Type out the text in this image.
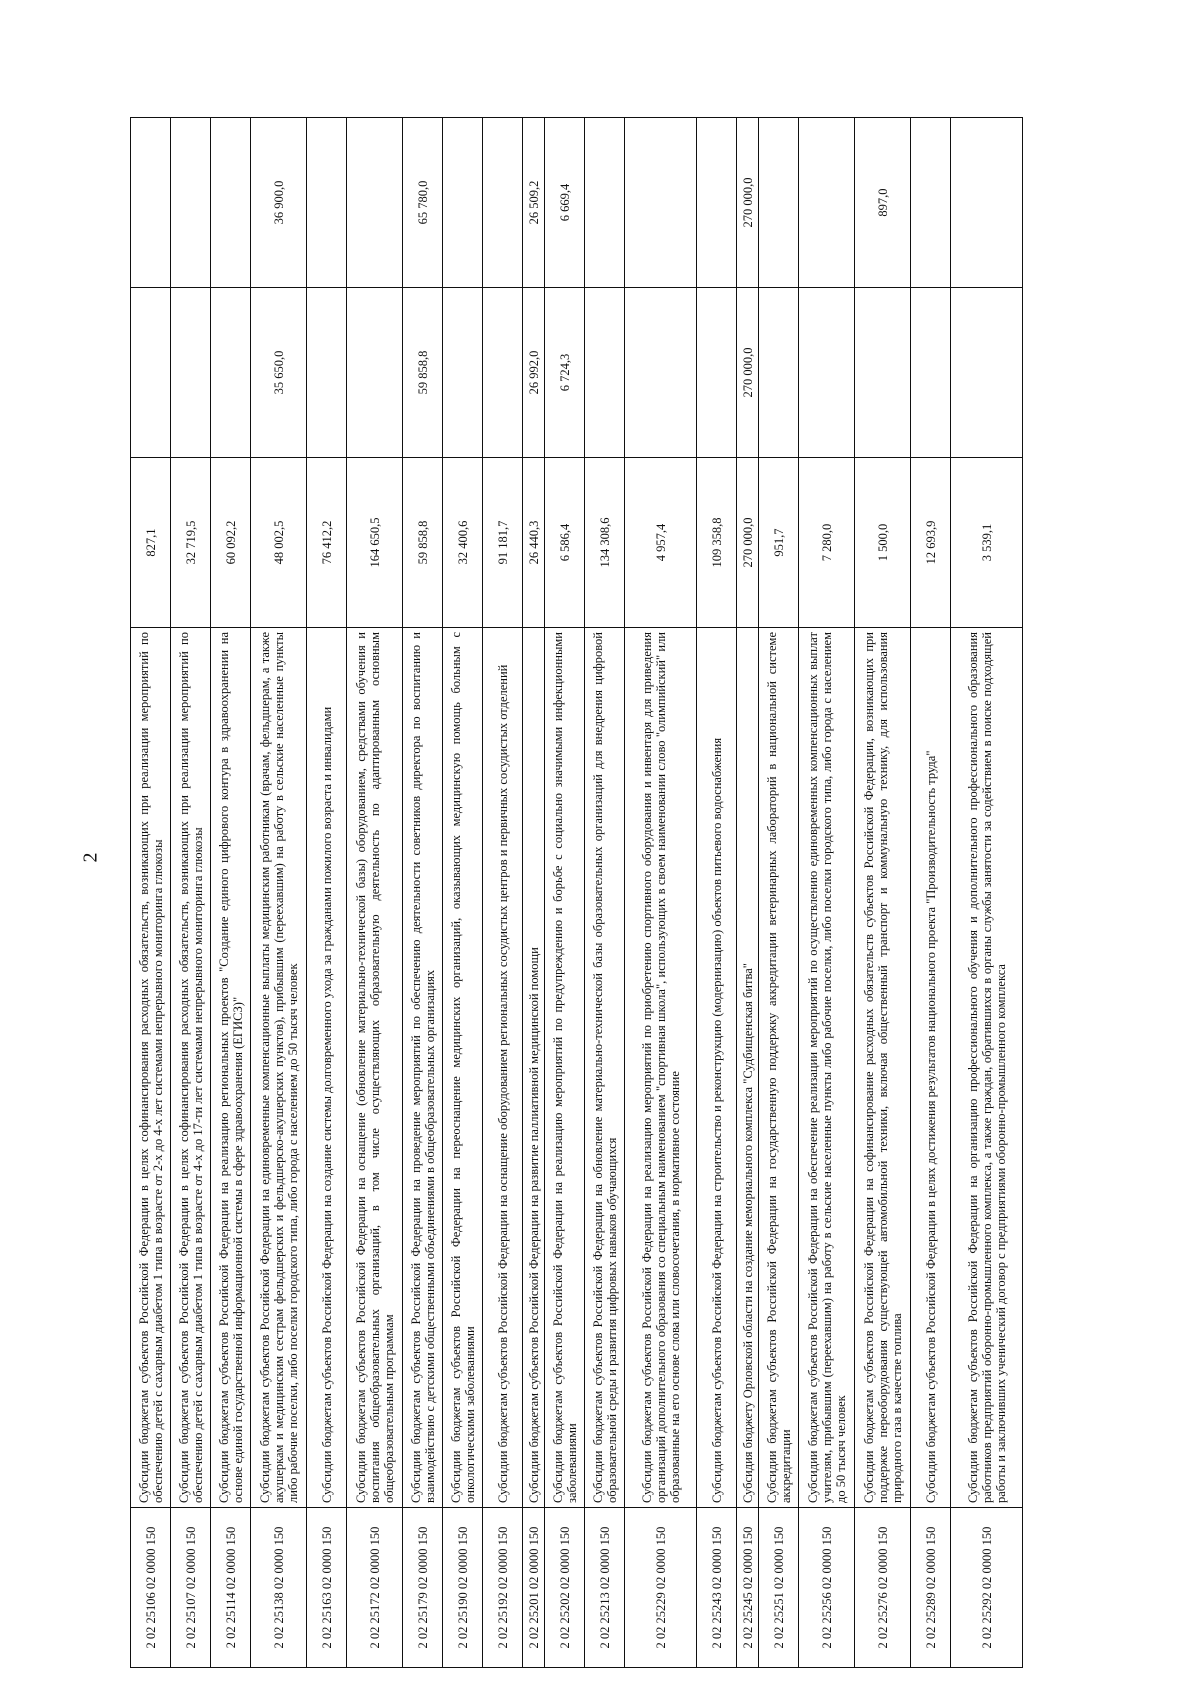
2
2 02 25106 02 0000 150	Субсидии бюджетам субъектов Российской Федерации в целях софинансирования расходных обязательств, возникающих при реализации мероприятий по обеспечению детей с сахарным диабетом 1 типа в возрасте от 2-х до 4-х лет системами непрерывного мониторинга глюкозы	827,1		
2 02 25107 02 0000 150	Субсидии бюджетам субъектов Российской Федерации в целях софинансирования расходных обязательств, возникающих при реализации мероприятий по обеспечению детей с сахарным диабетом 1 типа в возрасте от 4-х до 17-ти лет системами непрерывного мониторинга глюкозы	32 719,5		
2 02 25114 02 0000 150	Субсидии бюджетам субъектов Российской Федерации на реализацию региональных проектов "Создание единого цифрового контура в здравоохранении на основе единой государственной информационной системы в сфере здравоохранения (ЕГИСЗ)"	60 092,2		
2 02 25138 02 0000 150	Субсидии бюджетам субъектов Российской Федерации на единовременные компенсационные выплаты медицинским работникам (врачам, фельдшерам, а также акушеркам и медицинским сестрам фельдшерских и фельдшерско-акушерских пунктов), прибывшим (переехавшим) на работу в сельские населенные пункты либо рабочие поселки, либо поселки городского типа, либо города с населением до 50 тысяч человек	48 002,5	35 650,0	36 900,0
2 02 25163 02 0000 150	Субсидии бюджетам субъектов Российской Федерации на создание системы долговременного ухода за гражданами пожилого возраста и инвалидами	76 412,2		
2 02 25172 02 0000 150	Субсидии бюджетам субъектов Российской Федерации на оснащение (обновление материально-технической базы) оборудованием, средствами обучения и воспитания общеобразовательных организаций, в том числе осуществляющих образовательную деятельность по адаптированным основным общеобразовательным программам	164 650,5		
2 02 25179 02 0000 150	Субсидии бюджетам субъектов Российской Федерации на проведение мероприятий по обеспечению деятельности советников директора по воспитанию и взаимодействию с детскими общественными объединениями в общеобразовательных организациях	59 858,8	59 858,8	65 780,0
2 02 25190 02 0000 150	Субсидии бюджетам субъектов Российской Федерации на переоснащение медицинских организаций, оказывающих медицинскую помощь больным с онкологическими заболеваниями	32 400,6		
2 02 25192 02 0000 150	Субсидии бюджетам субъектов Российской Федерации на оснащение оборудованием региональных сосудистых центров и первичных сосудистых отделений	91 181,7		
2 02 25201 02 0000 150	Субсидии бюджетам субъектов Российской Федерации на развитие паллиативной медицинской помощи	26 440,3	26 992,0	26 509,2
2 02 25202 02 0000 150	Субсидии бюджетам субъектов Российской Федерации на реализацию мероприятий по предупреждению и борьбе с социально значимыми инфекционными заболеваниями	6 586,4	6 724,3	6 669,4
2 02 25213 02 0000 150	Субсидии бюджетам субъектов Российской Федерации на обновление материально-технической базы образовательных организаций для внедрения цифровой образовательной среды и развития цифровых навыков обучающихся	134 308,6		
2 02 25229 02 0000 150	Субсидии бюджетам субъектов Российской Федерации на реализацию мероприятий по приобретению спортивного оборудования и инвентаря для приведения организаций дополнительного образования со специальным наименованием "спортивная школа", использующих в своем наименовании слово "олимпийский" или образованные на его основе слова или словосочетания, в нормативное состояние	4 957,4		
2 02 25243 02 0000 150	Субсидии бюджетам субъектов Российской Федерации на строительство и реконструкцию (модернизацию) объектов питьевого водоснабжения	109 358,8		
2 02 25245 02 0000 150	Субсидия бюджету Орловской области на создание мемориального комплекса "Судбищенская битва"	270 000,0	270 000,0	270 000,0
2 02 25251 02 0000 150	Субсидии бюджетам субъектов Российской Федерации на государственную поддержку аккредитации ветеринарных лабораторий в национальной системе аккредитации	951,7		
2 02 25256 02 0000 150	Субсидии бюджетам субъектов Российской Федерации на обеспечение реализации мероприятий по осуществлению единовременных компенсационных выплат учителям, прибывшим (переехавшим) на работу в сельские населенные пункты либо рабочие поселки, либо поселки городского типа, либо города с населением до 50 тысяч человек	7 280,0		
2 02 25276 02 0000 150	Субсидии бюджетам субъектов Российской Федерации на софинансирование расходных обязательств субъектов Российской Федерации, возникающих при поддержке переоборудования существующей автомобильной техники, включая общественный транспорт и коммунальную технику, для использования природного газа в качестве топлива	1 500,0		897,0
2 02 25289 02 0000 150	Субсидии бюджетам субъектов Российской Федерации в целях достижения результатов национального проекта "Производительность труда"	12 693,9		
2 02 25292 02 0000 150	Субсидии бюджетам субъектов Российской Федерации на организацию профессионального обучения и дополнительного профессионального образования работников предприятий оборонно-промышленного комплекса, а также граждан, обратившихся в органы службы занятости за содействием в поиске подходящей работы и заключивших ученический договор с предприятиями оборонно-промышленного комплекса	3 539,1		
